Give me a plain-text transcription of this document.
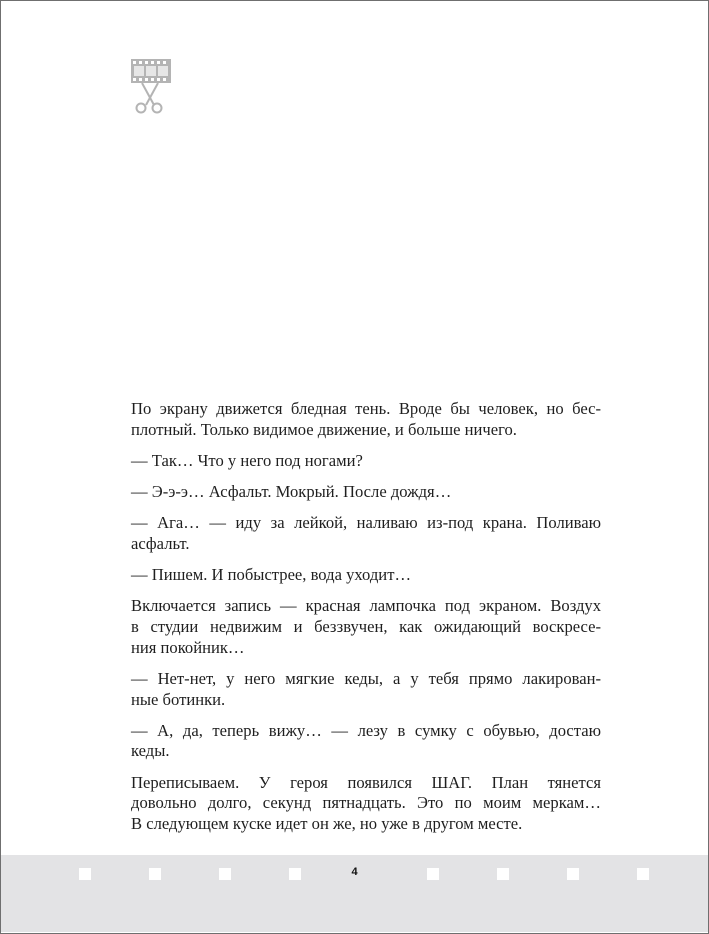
По экрану движется бледная тень. Вроде бы человек, но бес-
плотный. Только видимое движение, и больше ничего.

— Так… Что у него под ногами?

— Э-э-э… Асфальт. Мокрый. После дождя…

— Ага… — иду за лейкой, наливаю из-под крана. Поливаю
асфальт.

— Пишем. И побыстрее, вода уходит…

Включается запись — красная лампочка под экраном. Воздух
в студии недвижим и беззвучен, как ожидающий воскресе-
ния покойник…

— Нет-нет, у него мягкие кеды, а у тебя прямо лакирован-
ные ботинки.

— А, да, теперь вижу… — лезу в сумку с обувью, достаю
кеды.

Переписываем. У героя появился ШАГ. План тянется
довольно долго, секунд пятнадцать. Это по моим меркам…
В следующем куске идет он же, но уже в другом месте.

4
